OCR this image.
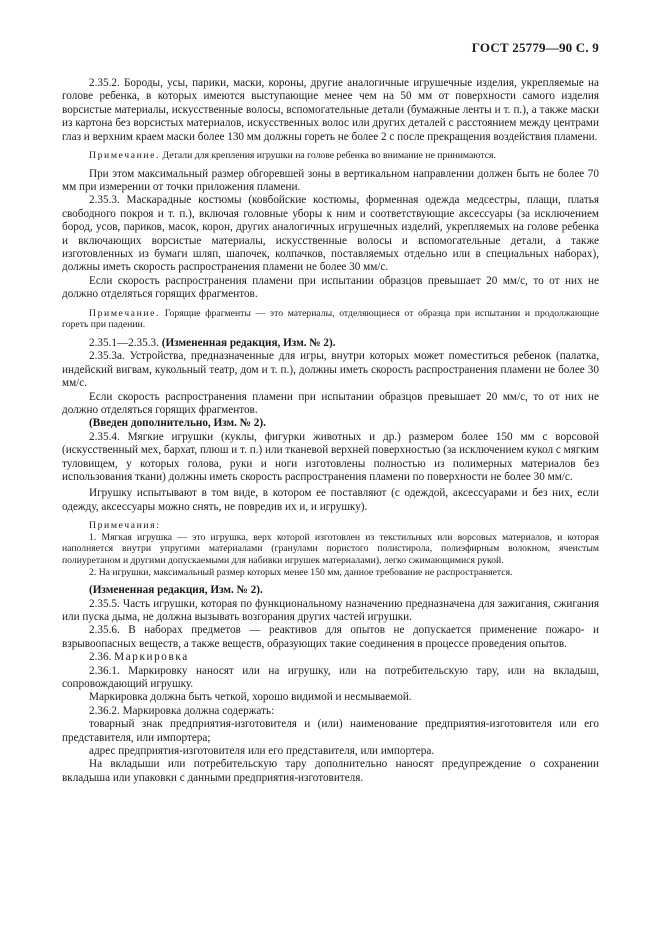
ГОСТ 25779—90 С. 9

2.35.2. Бороды, усы, парики, маски, короны, другие аналогичные игрушечные изделия, укрепляемые на голове ребенка, в которых имеются выступающие менее чем на 50 мм от поверхности самого изделия ворсистые материалы, искусственные волосы, вспомогательные детали (бумажные ленты и т. п.), а также маски из картона без ворсистых материалов, искусственных волос или других деталей с расстоянием между центрами глаз и верхним краем маски более 130 мм должны гореть не более 2 с после прекращения воздействия пламени.

Примечание. Детали для крепления игрушки на голове ребенка во внимание не принимаются.

При этом максимальный размер обгоревшей зоны в вертикальном направлении должен быть не более 70 мм при измерении от точки приложения пламени.

2.35.3. Маскарадные костюмы (ковбойские костюмы, форменная одежда медсестры, плащи, платья свободного покроя и т. п.), включая головные уборы к ним и соответствующие аксессуары (за исключением бород, усов, париков, масок, корон, других аналогичных игрушечных изделий, укрепляемых на голове ребенка и включающих ворсистые материалы, искусственные волосы и вспомогательные детали, а также изготовленных из бумаги шляп, шапочек, колпачков, поставляемых отдельно или в специальных наборах), должны иметь скорость распространения пламени не более 30 мм/с.

Если скорость распространения пламени при испытании образцов превышает 20 мм/с, то от них не должно отделяться горящих фрагментов.

Примечание. Горящие фрагменты — это материалы, отделяющиеся от образца при испытании и продолжающие гореть при падении.

2.35.1—2.35.3. (Измененная редакция, Изм. № 2).

2.35.3а. Устройства, предназначенные для игры, внутри которых может поместиться ребенок (палатка, индейский вигвам, кукольный театр, дом и т. п.), должны иметь скорость распространения пламени не более 30 мм/с.

Если скорость распространения пламени при испытании образцов превышает 20 мм/с, то от них не должно отделяться горящих фрагментов.

(Введен дополнительно, Изм. № 2).

2.35.4. Мягкие игрушки (куклы, фигурки животных и др.) размером более 150 мм с ворсовой (искусственный мех, бархат, плюш и т. п.) или тканевой верхней поверхностью (за исключением кукол с мягким туловищем, у которых голова, руки и ноги изготовлены полностью из полимерных материалов без использования ткани) должны иметь скорость распространения пламени по поверхности не более 30 мм/с.

Игрушку испытывают в том виде, в котором ее поставляют (с одеждой, аксессуарами и без них, если одежду, аксессуары можно снять, не повредив их и, и игрушку).

Примечания:

1. Мягкая игрушка — это игрушка, верх которой изготовлен из текстильных или ворсовых материалов, и которая наполняется внутри упругими материалами (гранулами пористого полистирола, полиэфирным волокном, ячеистым полиуретаном и другими допускаемыми для набивки игрушек материалами), легко сжимающимися рукой.

2. На игрушки, максимальный размер которых менее 150 мм, данное требование не распространяется.

(Измененная редакция, Изм. № 2).

2.35.5. Часть игрушки, которая по функциональному назначению предназначена для зажигания, сжигания или пуска дыма, не должна вызывать возгорания других частей игрушки.

2.35.6. В наборах предметов — реактивов для опытов не допускается применение пожаро- и взрывоопасных веществ, а также веществ, образующих такие соединения в процессе проведения опытов.

2.36. Маркировка

2.36.1. Маркировку наносят или на игрушку, или на потребительскую тару, или на вкладыш, сопровождающий игрушку.

Маркировка должна быть четкой, хорошо видимой и несмываемой.

2.36.2. Маркировка должна содержать:

товарный знак предприятия-изготовителя и (или) наименование предприятия-изготовителя или его представителя, или импортера;

адрес предприятия-изготовителя или его представителя, или импортера.

На вкладыши или потребительскую тару дополнительно наносят предупреждение о сохранении вкладыша или упаковки с данными предприятия-изготовителя.
